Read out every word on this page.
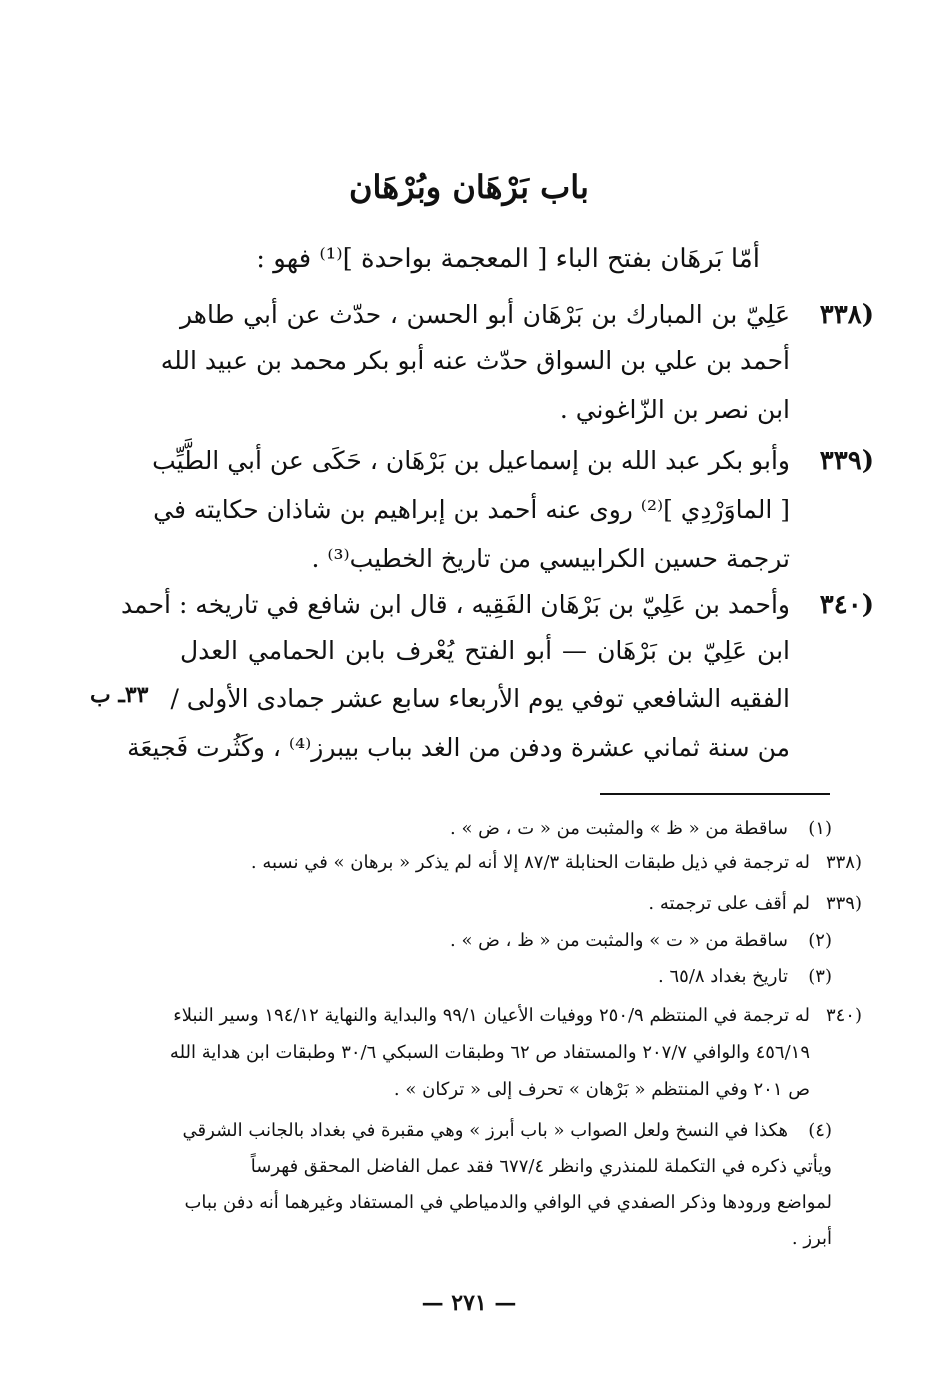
باب بَرْهَان وبُرْهَان
أمّا بَرهَان بفتح الباء [ المعجمة بواحدة ]⁽¹⁾ فهو :
(٣٣٨
عَلِيّ بن المبارك بن بَرْهَان أبو الحسن ، حدّث عن أبي طاهر
أحمد بن علي بن السواق حدّث عنه أبو بكر محمد بن عبيد الله
ابن نصر بن الزّاغوني .
(٣٣٩
وأبو بكر عبد الله بن إسماعيل بن بَرْهَان ، حَكَى عن أبي الطَّيِّب
[ الماوَرْدِي ]⁽²⁾ روى عنه أحمد بن إبراهيم بن شاذان حكايته في
ترجمة حسين الكرابيسي من تاريخ الخطيب⁽³⁾ .
(٣٤٠
وأحمد بن عَلِيّ بن بَرْهَان الفَقِيه ، قال ابن شافع في تاريخه : أحمد
ابن عَلِيّ بن بَرْهَان — أبو الفتح يُعْرف بابن الحمامي العدل
الفقيه الشافعي توفي يوم الأربعاء سابع عشر جمادى الأولى /
من سنة ثماني عشرة ودفن من الغد بباب بيبرز⁽⁴⁾ ، وكَثُرت فَجيعَة
٣٣ـ ب
(١)
ساقطة من « ظ » والمثبت من « ت ، ض » .
(٣٣٨
له ترجمة في ذيل طبقات الحنابلة ٨٧/٣ إلا أنه لم يذكر « برهان » في نسبه .
(٣٣٩
لم أقف على ترجمته .
(٢)
ساقطة من « ت » والمثبت من « ظ ، ض » .
(٣)
تاريخ بغداد ٦٥/٨ .
(٣٤٠
له ترجمة في المنتظم ٢٥٠/٩ ووفيات الأعيان ٩٩/١ والبداية والنهاية ١٩٤/١٢ وسير النبلاء
٤٥٦/١٩ والوافي ٢٠٧/٧ والمستفاد ص ٦٢ وطبقات السبكي ٣٠/٦ وطبقات ابن هداية الله
ص ٢٠١ وفي المنتظم « بَرْهان » تحرف إلى « تركان » .
(٤)
هكذا في النسخ ولعل الصواب « باب أبرز » وهي مقبرة في بغداد بالجانب الشرقي
ويأتي ذكره في التكملة للمنذري وانظر ٦٧٧/٤ فقد عمل الفاضل المحقق فهرساً
لمواضع ورودها وذكر الصفدي في الوافي والدمياطي في المستفاد وغيرهما أنه دفن بباب
أبرز .
— ٢٧١ —
